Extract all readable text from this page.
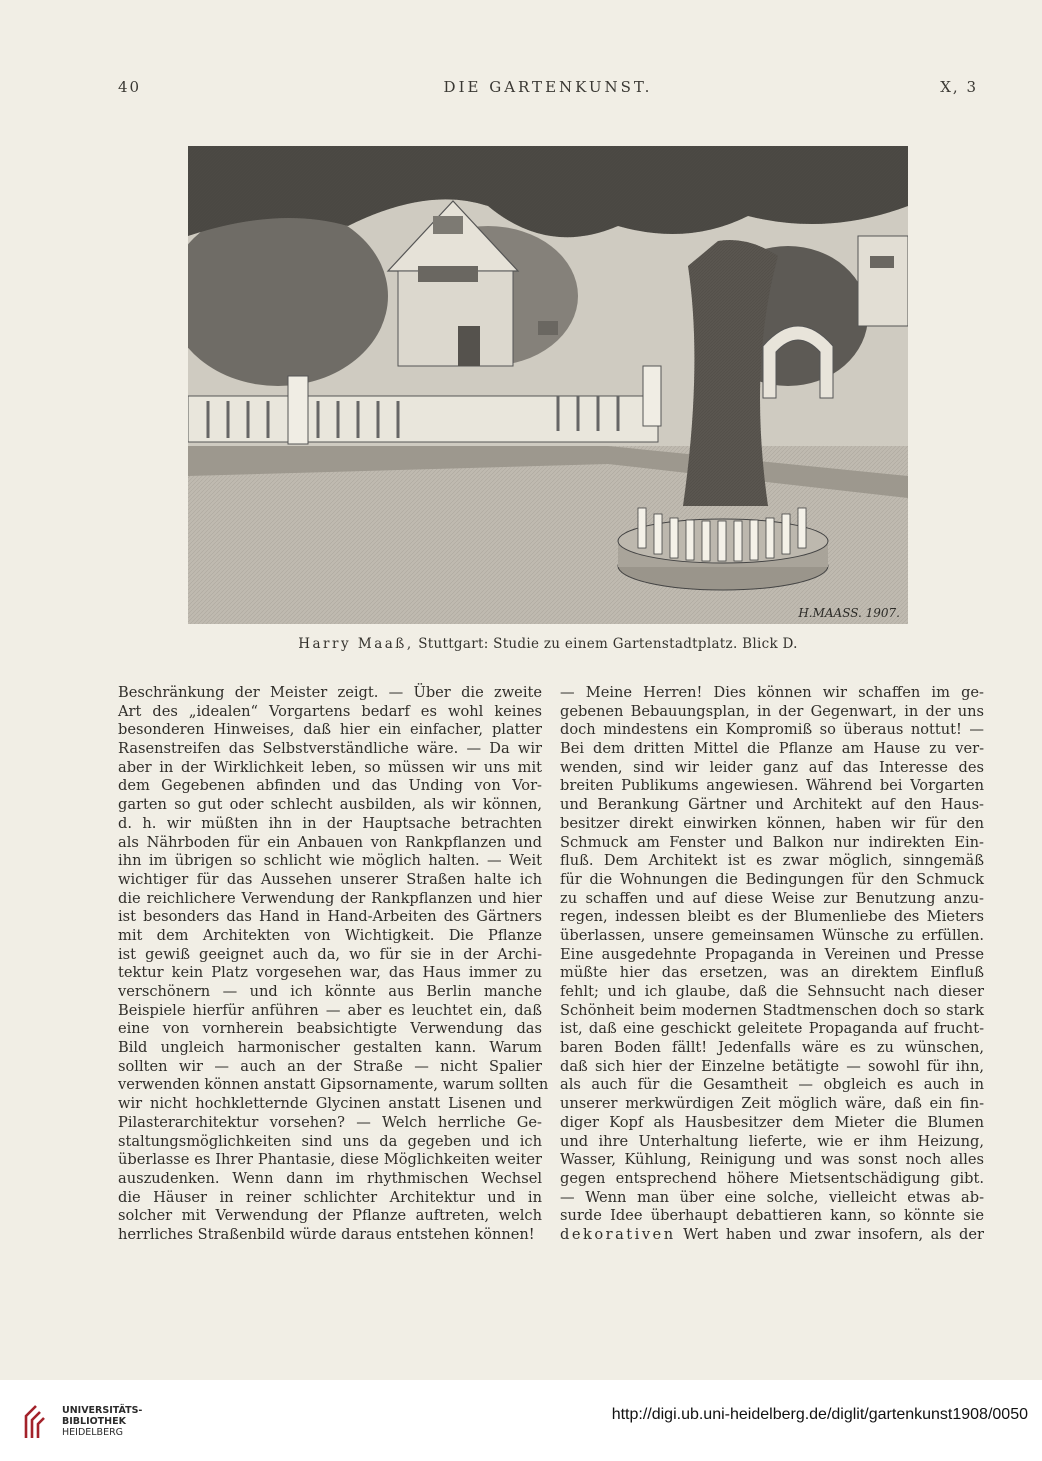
40	DIE GARTENKUNST.	X, 3
H.MAASS. 1907.
Harry Maaß, Stuttgart: Studie zu einem Gartenstadtplatz. Blick D.
Beschränkung der Meister zeigt. — Über die zweite
Art des „idealen“ Vorgartens bedarf es wohl keines
besonderen Hinweises, daß hier ein einfacher, platter
Rasenstreifen das Selbstverständliche wäre. — Da wir
aber in der Wirklichkeit leben, so müssen wir uns mit
dem Gegebenen abfinden und das Unding von Vor-
garten so gut oder schlecht ausbilden, als wir können,
d. h. wir müßten ihn in der Hauptsache betrachten
als Nährboden für ein Anbauen von Rankpflanzen und
ihn im übrigen so schlicht wie möglich halten. — Weit
wichtiger für das Aussehen unserer Straßen halte ich
die reichlichere Verwendung der Rankpflanzen und hier
ist besonders das Hand in Hand-Arbeiten des Gärtners
mit dem Architekten von Wichtigkeit. Die Pflanze
ist gewiß geeignet auch da, wo für sie in der Archi-
tektur kein Platz vorgesehen war, das Haus immer zu
verschönern — und ich könnte aus Berlin manche
Beispiele hierfür anführen — aber es leuchtet ein, daß
eine von vornherein beabsichtigte Verwendung das
Bild ungleich harmonischer gestalten kann. Warum
sollten wir — auch an der Straße — nicht Spalier
verwenden können anstatt Gipsornamente, warum sollten
wir nicht hochkletternde Glycinen anstatt Lisenen und
Pilasterarchitektur vorsehen? — Welch herrliche Ge-
staltungsmöglichkeiten sind uns da gegeben und ich
überlasse es Ihrer Phantasie, diese Möglichkeiten weiter
auszudenken. Wenn dann im rhythmischen Wechsel
die Häuser in reiner schlichter Architektur und in
solcher mit Verwendung der Pflanze auftreten, welch
herrliches Straßenbild würde daraus entstehen können!
— Meine Herren! Dies können wir schaffen im ge-
gebenen Bebauungsplan, in der Gegenwart, in der uns
doch mindestens ein Kompromiß so überaus nottut! —
Bei dem dritten Mittel die Pflanze am Hause zu ver-
wenden, sind wir leider ganz auf das Interesse des
breiten Publikums angewiesen. Während bei Vorgarten
und Berankung Gärtner und Architekt auf den Haus-
besitzer direkt einwirken können, haben wir für den
Schmuck am Fenster und Balkon nur indirekten Ein-
fluß. Dem Architekt ist es zwar möglich, sinngemäß
für die Wohnungen die Bedingungen für den Schmuck
zu schaffen und auf diese Weise zur Benutzung anzu-
regen, indessen bleibt es der Blumenliebe des Mieters
überlassen, unsere gemeinsamen Wünsche zu erfüllen.
Eine ausgedehnte Propaganda in Vereinen und Presse
müßte hier das ersetzen, was an direktem Einfluß
fehlt; und ich glaube, daß die Sehnsucht nach dieser
Schönheit beim modernen Stadtmenschen doch so stark
ist, daß eine geschickt geleitete Propaganda auf frucht-
baren Boden fällt! Jedenfalls wäre es zu wünschen,
daß sich hier der Einzelne betätigte — sowohl für ihn,
als auch für die Gesamtheit — obgleich es auch in
unserer merkwürdigen Zeit möglich wäre, daß ein fin-
diger Kopf als Hausbesitzer dem Mieter die Blumen
und ihre Unterhaltung lieferte, wie er ihm Heizung,
Wasser, Kühlung, Reinigung und was sonst noch alles
gegen entsprechend höhere Mietsentschädigung gibt.
— Wenn man über eine solche, vielleicht etwas ab-
surde Idee überhaupt debattieren kann, so könnte sie
dekorativen Wert haben und zwar insofern, als der
UNIVERSITÄTS-
BIBLIOTHEK
HEIDELBERG
http://digi.ub.uni-heidelberg.de/diglit/gartenkunst1908/0050
